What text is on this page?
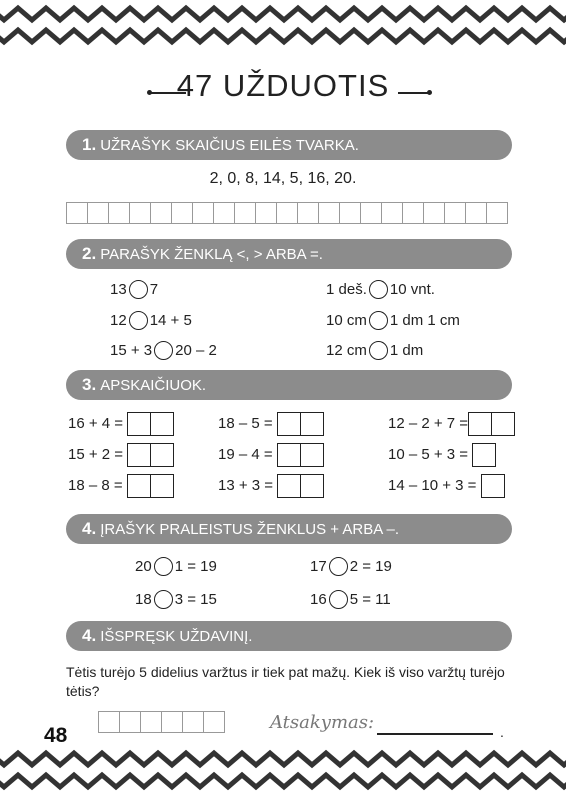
47 UŽDUOTIS
1. UŽRAŠYK SKAIČIUS EILĖS TVARKA.
2, 0, 8, 14, 5, 16, 20.
2. PARAŠYK ŽENKLĄ <, > ARBA =.
13 7
12 14 + 5
15 + 3 20 – 2
1 deš. 10 vnt.
10 cm 1 dm 1 cm
12 cm 1 dm
3. APSKAIČIUOK.
16 + 4 =
15 + 2 =
18 – 8 =
18 – 5 =
19 – 4 =
13 + 3 =
12 – 2 + 7 =
10 – 5 + 3 =
14 – 10 + 3 =
4. ĮRAŠYK PRALEISTUS ŽENKLUS + ARBA –.
20 1 = 19
18 3 = 15
17 2 = 19
16 5 = 11
4. IŠSPRĘSK UŽDAVINĮ.
Tėtis turėjo 5 didelius varžtus ir tiek pat mažų. Kiek iš viso varžtų turėjo tėtis?
Atsakymas:	.
48
